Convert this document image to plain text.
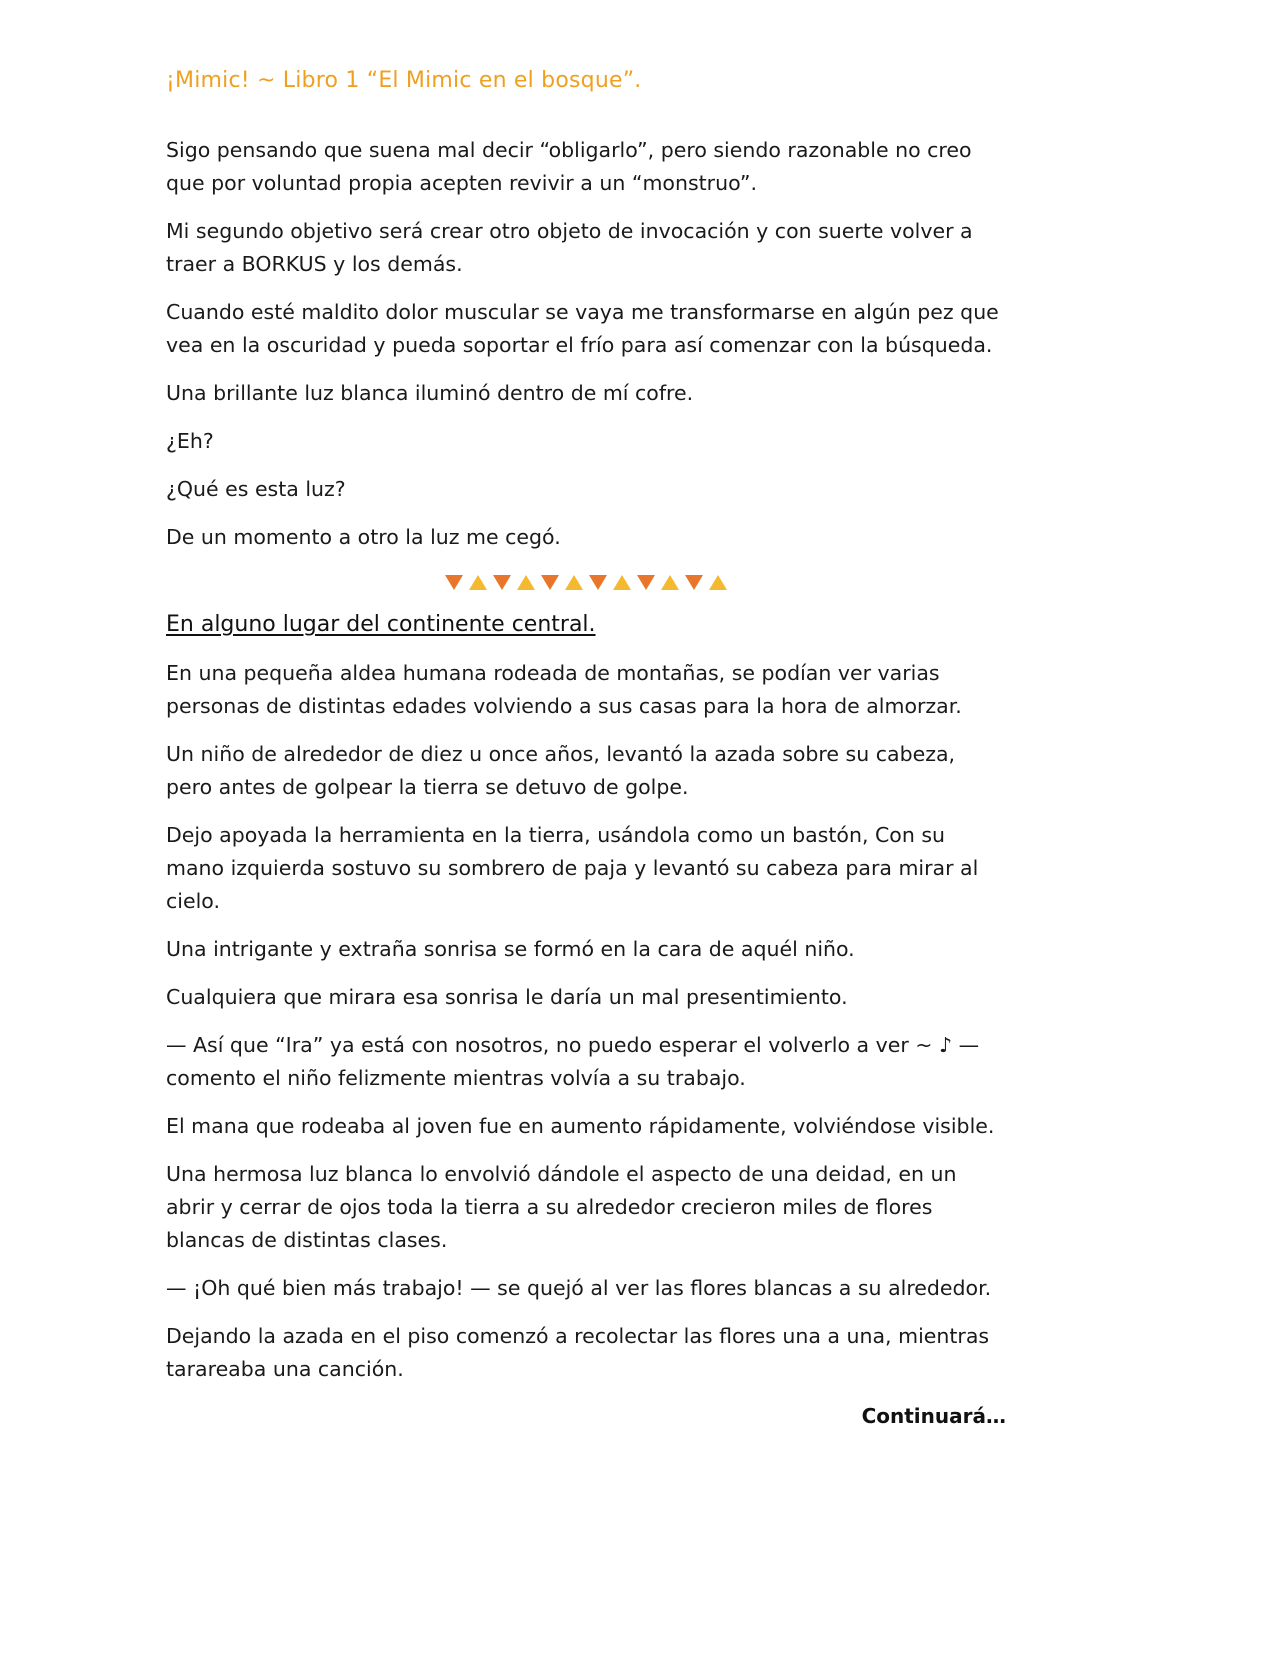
¡Mimic! ~ Libro 1 “El Mimic en el bosque”.

Sigo pensando que suena mal decir “obligarlo”, pero siendo razonable no creo que por voluntad propia acepten revivir a un “monstruo”.

Mi segundo objetivo será crear otro objeto de invocación y con suerte volver a traer a BORKUS y los demás.

Cuando esté maldito dolor muscular se vaya me transformarse en algún pez que vea en la oscuridad y pueda soportar el frío para así comenzar con la búsqueda.

Una brillante luz blanca iluminó dentro de mí cofre.

¿Eh?

¿Qué es esta luz?

De un momento a otro la luz me cegó.

En alguno lugar del continente central.

En una pequeña aldea humana rodeada de montañas, se podían ver varias personas de distintas edades volviendo a sus casas para la hora de almorzar.

Un niño de alrededor de diez u once años, levantó la azada sobre su cabeza, pero antes de golpear la tierra se detuvo de golpe.

Dejo apoyada la herramienta en la tierra, usándola como un bastón, Con su mano izquierda sostuvo su sombrero de paja y levantó su cabeza para mirar al cielo.

Una intrigante y extraña sonrisa se formó en la cara de aquél niño.

Cualquiera que mirara esa sonrisa le daría un mal presentimiento.

— Así que “Ira” ya está con nosotros, no puedo esperar el volverlo a ver ~ ♪ — comento el niño felizmente mientras volvía a su trabajo.

El mana que rodeaba al joven fue en aumento rápidamente, volviéndose visible.

Una hermosa luz blanca lo envolvió dándole el aspecto de una deidad, en un abrir y cerrar de ojos toda la tierra a su alrededor crecieron miles de flores blancas de distintas clases.

— ¡Oh qué bien más trabajo! — se quejó al ver las flores blancas a su alrededor.

Dejando la azada en el piso comenzó a recolectar las flores una a una, mientras tarareaba una canción.

Continuará…
